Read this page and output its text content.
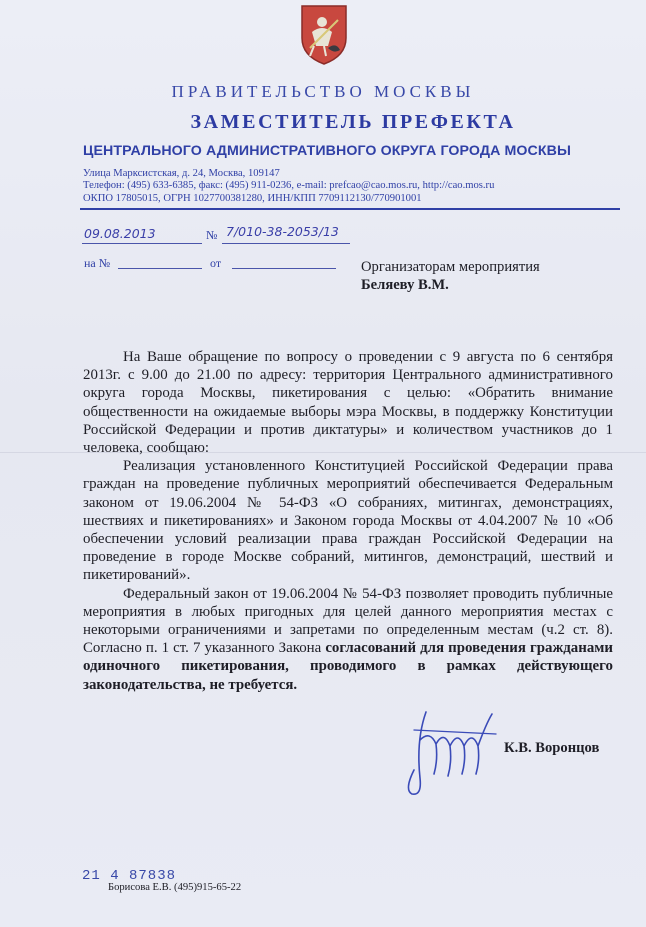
ПРАВИТЕЛЬСТВО МОСКВЫ
ЗАМЕСТИТЕЛЬ ПРЕФЕКТА
ЦЕНТРАЛЬНОГО АДМИНИСТРАТИВНОГО ОКРУГА ГОРОДА МОСКВЫ
Улица Марксистская, д. 24, Москва, 109147
Телефон: (495) 633-6385, факс: (495) 911-0236, e-mail: prefcao@cao.mos.ru, http://cao.mos.ru
ОКПО 17805015, ОГРН 1027700381280, ИНН/КПП 7709112130/770901001
09.08.2013	№ 7/010-38-2053/13
на №	от	Организаторам мероприятия
Беляеву В.М.

На Ваше обращение по вопросу о проведении с 9 августа по 6 сентября 2013г. с 9.00 до 21.00 по адресу: территория Центрального административного округа города Москвы, пикетирования с целью: «Обратить внимание общественности на ожидаемые выборы мэра Москвы, в поддержку Конституции Российской Федерации и против диктатуры» и количеством участников до 1 человека, сообщаю:

Реализация установленного Конституцией Российской Федерации права граждан на проведение публичных мероприятий обеспечивается Федеральным законом от 19.06.2004 № 54-ФЗ «О собраниях, митингах, демонстрациях, шествиях и пикетированиях» и Законом города Москвы от 4.04.2007 № 10 «Об обеспечении условий реализации права граждан Российской Федерации на проведение в городе Москве собраний, митингов, демонстраций, шествий и пикетирований».

Федеральный закон от 19.06.2004 № 54-ФЗ позволяет проводить публичные мероприятия в любых пригодных для целей данного мероприятия местах с некоторыми ограничениями и запретами по определенным местам (ч.2 ст. 8). Согласно п. 1 ст. 7 указанного Закона согласований для проведения гражданами одиночного пикетирования, проводимого в рамках действующего законодательства, не требуется.

К.В. Воронцов
21 4 87838
Борисова Е.В. (495)915-65-22
